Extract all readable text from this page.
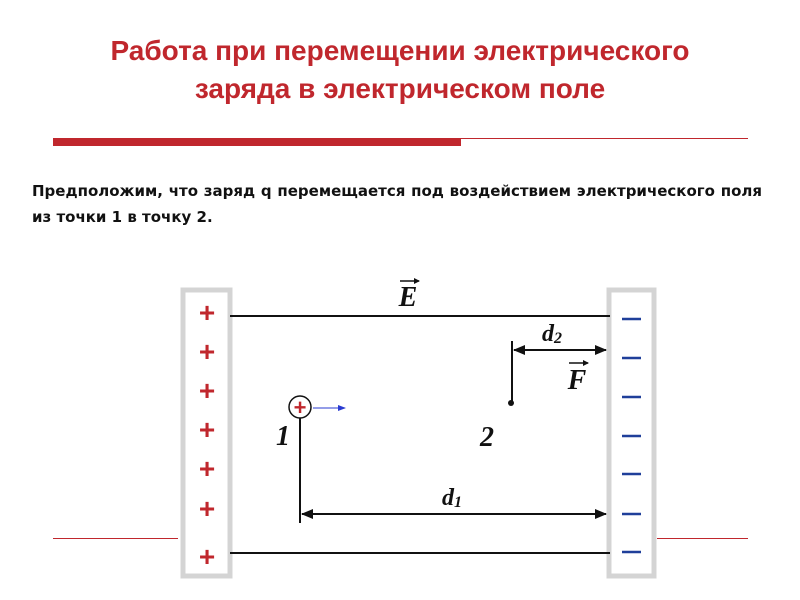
Работа при перемещении электрического
заряда в электрическом поле
+
+
+
+
+
+
+
E
d2
F
2
+
1
d1

Предположим, что заряд q перемещается под воздействием электрического поля из точки 1 в точку 2.
